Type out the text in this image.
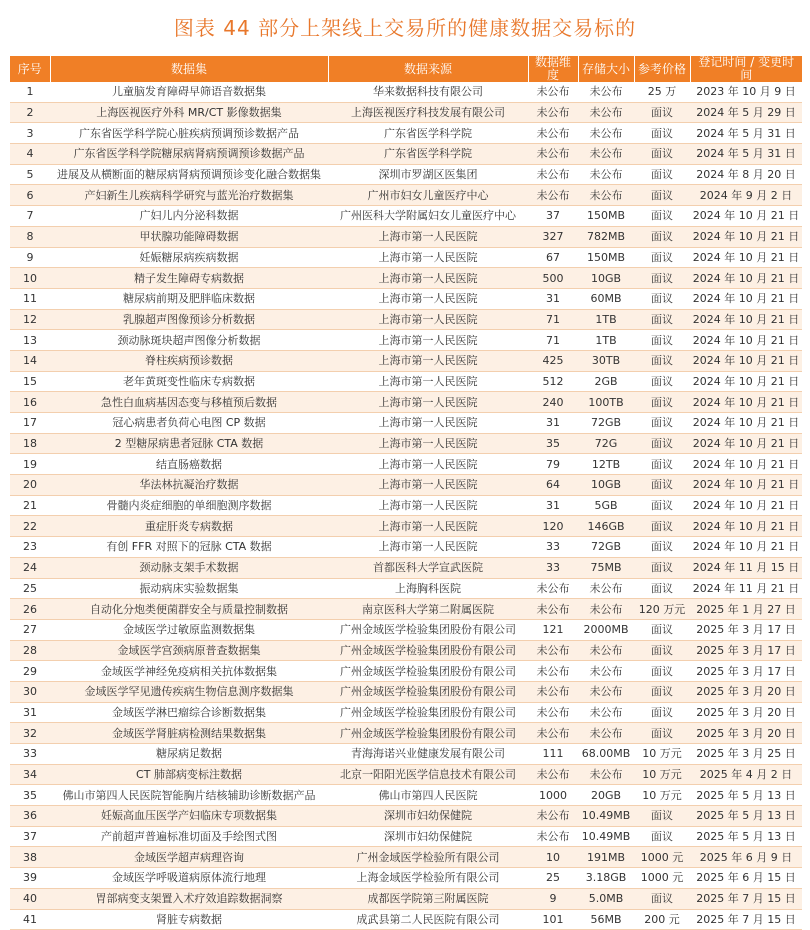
图表 44 部分上架线上交易所的健康数据交易标的
序号	数据集	数据来源	数据维度	存储大小	参考价格	登记时间 / 变更时间
1	儿童脑发育障碍早筛语音数据集	华来数据科技有限公司	未公布	未公布	25 万	2023 年 10 月 9 日
2	上海医视医疗外科 MR/CT 影像数据集	上海医视医疗科技发展有限公司	未公布	未公布	面议	2024 年 5 月 29 日
3	广东省医学科学院心脏疾病预调预诊数据产品	广东省医学科学院	未公布	未公布	面议	2024 年 5 月 31 日
4	广东省医学科学院糖尿病肾病预调预诊数据产品	广东省医学科学院	未公布	未公布	面议	2024 年 5 月 31 日
5	进展及从横断面的糖尿病肾病预调预诊变化融合数据集	深圳市罗湖区医集团	未公布	未公布	面议	2024 年 8 月 20 日
6	产妇新生儿疾病科学研究与蓝光治疗数据集	广州市妇女儿童医疗中心	未公布	未公布	面议	2024 年 9 月 2 日
7	广妇儿内分泌科数据	广州医科大学附属妇女儿童医疗中心	37	150MB	面议	2024 年 10 月 21 日
8	甲状腺功能障碍数据	上海市第一人民医院	327	782MB	面议	2024 年 10 月 21 日
9	妊娠糖尿病疾病数据	上海市第一人民医院	67	150MB	面议	2024 年 10 月 21 日
10	精子发生障碍专病数据	上海市第一人民医院	500	10GB	面议	2024 年 10 月 21 日
11	糖尿病前期及肥胖临床数据	上海市第一人民医院	31	60MB	面议	2024 年 10 月 21 日
12	乳腺超声图像预诊分析数据	上海市第一人民医院	71	1TB	面议	2024 年 10 月 21 日
13	颈动脉斑块超声图像分析数据	上海市第一人民医院	71	1TB	面议	2024 年 10 月 21 日
14	脊柱疾病预诊数据	上海市第一人民医院	425	30TB	面议	2024 年 10 月 21 日
15	老年黄斑变性临床专病数据	上海市第一人民医院	512	2GB	面议	2024 年 10 月 21 日
16	急性白血病基因态变与移植预后数据	上海市第一人民医院	240	100TB	面议	2024 年 10 月 21 日
17	冠心病患者负荷心电图 CP 数据	上海市第一人民医院	31	72GB	面议	2024 年 10 月 21 日
18	2 型糖尿病患者冠脉 CTA 数据	上海市第一人民医院	35	72G	面议	2024 年 10 月 21 日
19	结直肠癌数据	上海市第一人民医院	79	12TB	面议	2024 年 10 月 21 日
20	华法林抗凝治疗数据	上海市第一人民医院	64	10GB	面议	2024 年 10 月 21 日
21	骨髓内炎症细胞的单细胞测序数据	上海市第一人民医院	31	5GB	面议	2024 年 10 月 21 日
22	重症肝炎专病数据	上海市第一人民医院	120	146GB	面议	2024 年 10 月 21 日
23	有创 FFR 对照下的冠脉 CTA 数据	上海市第一人民医院	33	72GB	面议	2024 年 10 月 21 日
24	颈动脉支架手术数据	首都医科大学宣武医院	33	75MB	面议	2024 年 11 月 15 日
25	振动病床实验数据集	上海胸科医院	未公布	未公布	面议	2024 年 11 月 21 日
26	自动化分炮类便菌群安全与质量控制数据	南京医科大学第二附属医院	未公布	未公布	120 万元	2025 年 1 月 27 日
27	金域医学过敏原监测数据集	广州金域医学检验集团股份有限公司	121	2000MB	面议	2025 年 3 月 17 日
28	金域医学宫颈病原普查数据集	广州金域医学检验集团股份有限公司	未公布	未公布	面议	2025 年 3 月 17 日
29	金域医学神经免疫病相关抗体数据集	广州金域医学检验集团股份有限公司	未公布	未公布	面议	2025 年 3 月 17 日
30	金域医学罕见遗传疾病生物信息测序数据集	广州金域医学检验集团股份有限公司	未公布	未公布	面议	2025 年 3 月 20 日
31	金域医学淋巴瘤综合诊断数据集	广州金域医学检验集团股份有限公司	未公布	未公布	面议	2025 年 3 月 20 日
32	金域医学肾脏病检测结果数据集	广州金域医学检验集团股份有限公司	未公布	未公布	面议	2025 年 3 月 20 日
33	糖尿病足数据	青海海诺兴业健康发展有限公司	111	68.00MB	10 万元	2025 年 3 月 25 日
34	CT 肺部病变标注数据	北京一阳阳光医学信息技术有限公司	未公布	未公布	10 万元	2025 年 4 月 2 日
35	佛山市第四人民医院智能胸片结核辅助诊断数据产品	佛山市第四人民医院	1000	20GB	10 万元	2025 年 5 月 13 日
36	妊娠高血压医学产妇临床专项数据集	深圳市妇幼保健院	未公布	10.49MB	面议	2025 年 5 月 13 日
37	产前超声普遍标准切面及手绘图式图	深圳市妇幼保健院	未公布	10.49MB	面议	2025 年 5 月 13 日
38	金域医学超声病理咨询	广州金域医学检验所有限公司	10	191MB	1000 元	2025 年 6 月 9 日
39	金域医学呼吸道病原体流行地理	上海金域医学检验所有限公司	25	3.18GB	1000 元	2025 年 6 月 15 日
40	胃部病变支架置入术疗效追踪数据洞察	成都医学院第三附属医院	9	5.0MB	面议	2025 年 7 月 15 日
41	肾脏专病数据	成武县第二人民医院有限公司	101	56MB	200 元	2025 年 7 月 15 日
